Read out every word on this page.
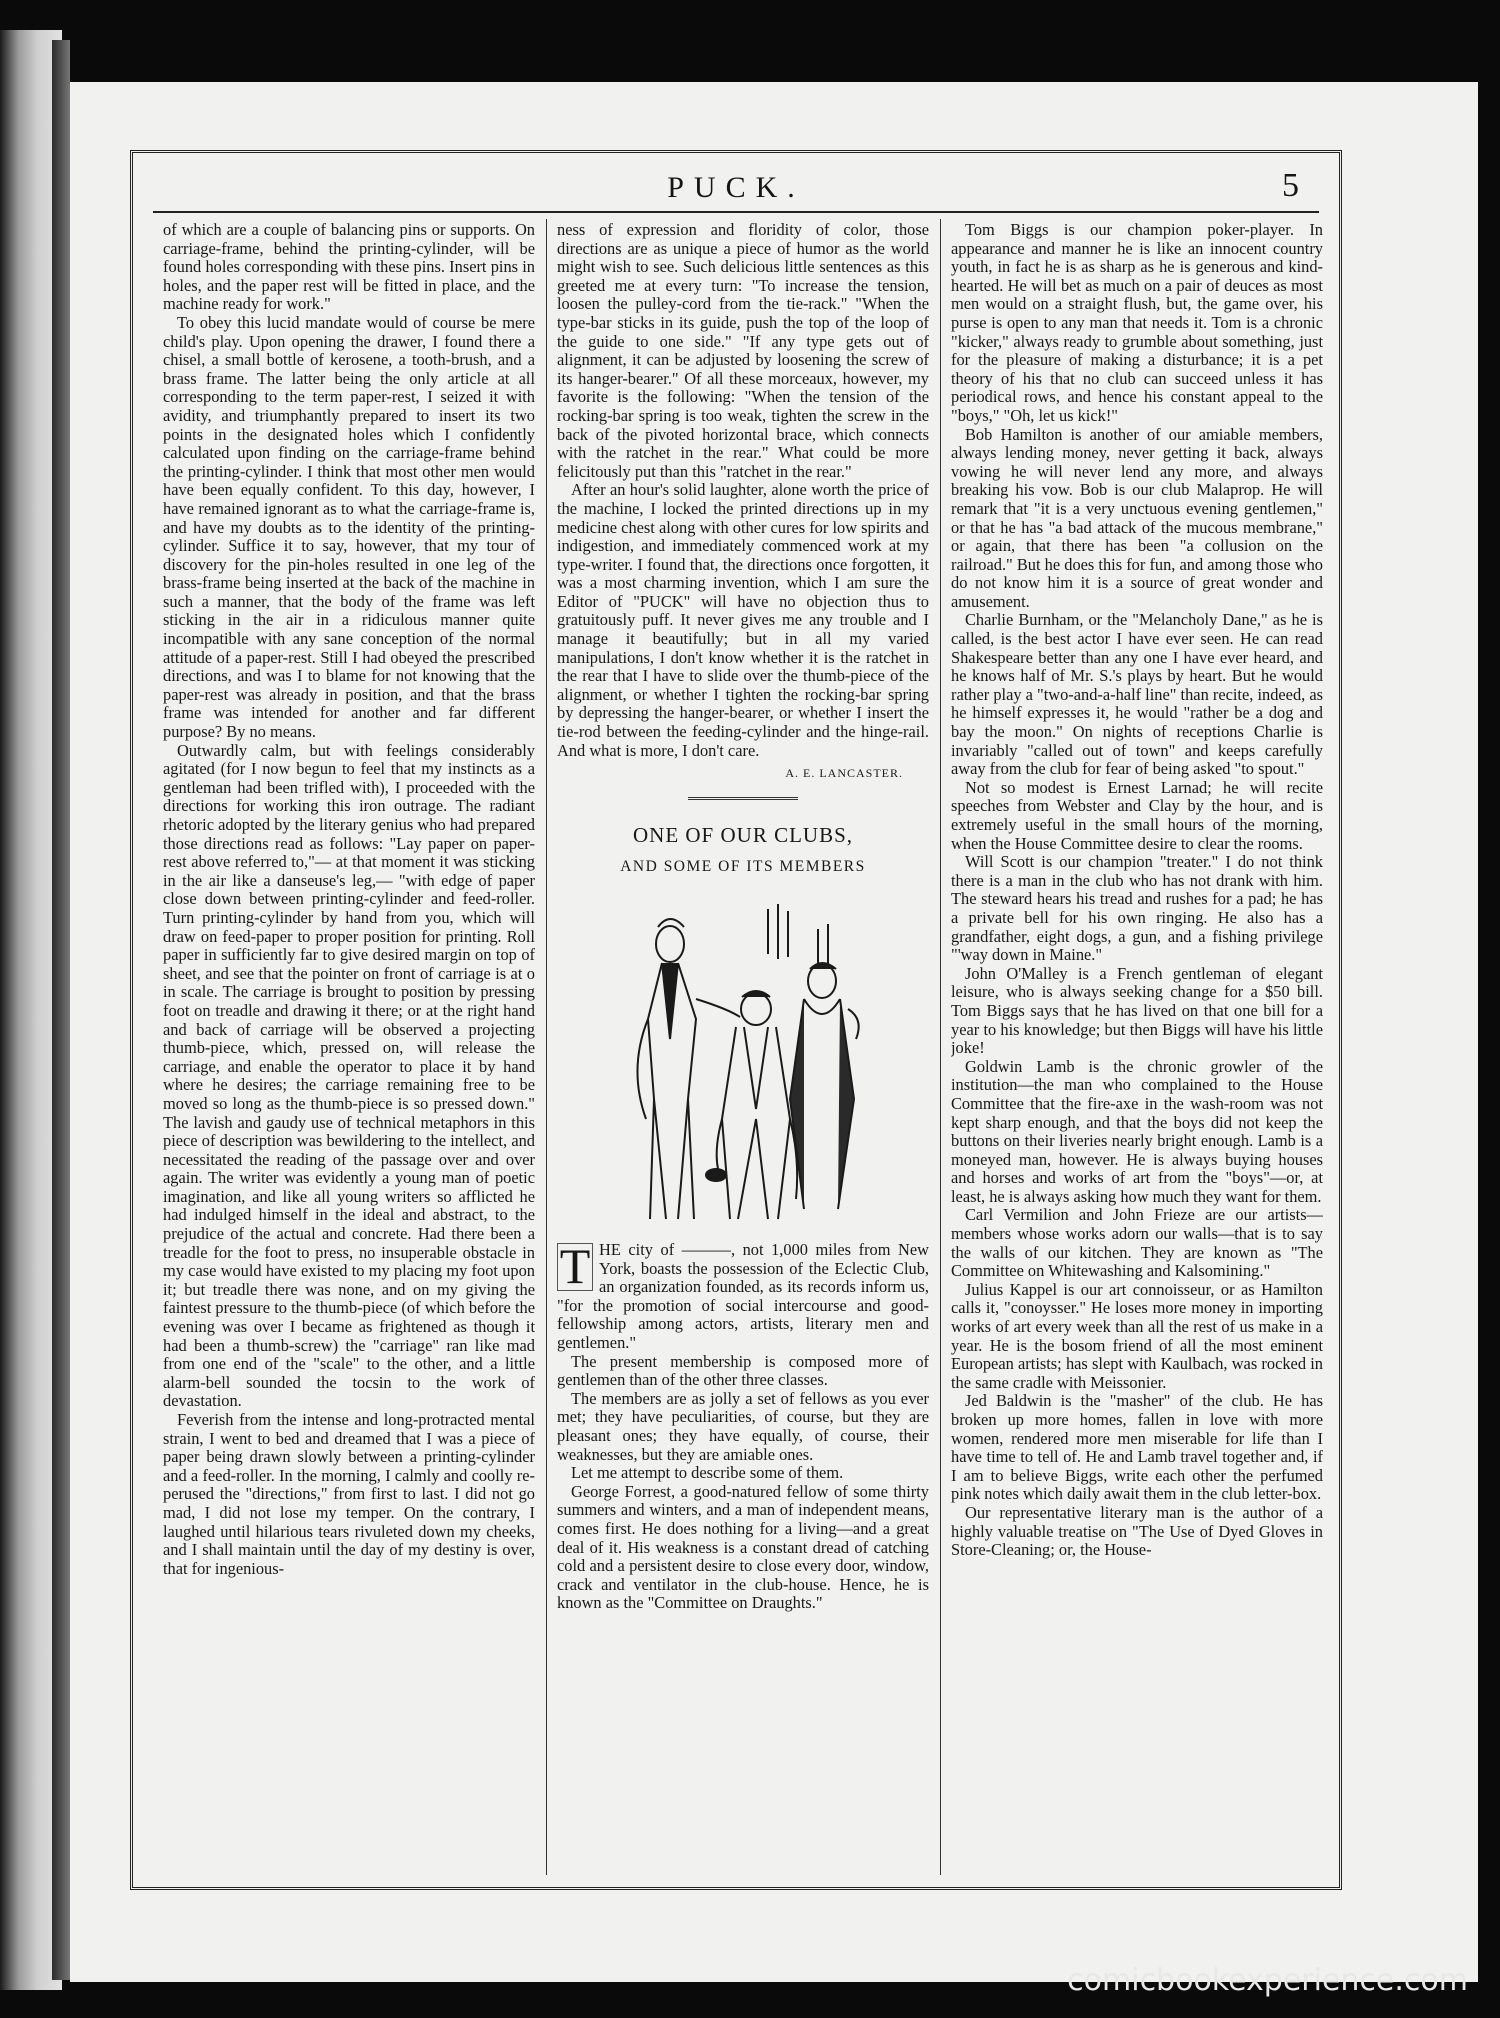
PUCK.	5

of which are a couple of balancing pins or supports. On carriage-frame, behind the printing-cylinder, will be found holes corresponding with these pins. Insert pins in holes, and the paper rest will be fitted in place, and the machine ready for work."

To obey this lucid mandate would of course be mere child's play. Upon opening the drawer, I found there a chisel, a small bottle of kerosene, a tooth-brush, and a brass frame. The latter being the only article at all corresponding to the term paper-rest, I seized it with avidity, and triumphantly prepared to insert its two points in the designated holes which I confidently calculated upon finding on the carriage-frame behind the printing-cylinder. I think that most other men would have been equally confident. To this day, however, I have remained ignorant as to what the carriage-frame is, and have my doubts as to the identity of the printing-cylinder. Suffice it to say, however, that my tour of discovery for the pin-holes resulted in one leg of the brass-frame being inserted at the back of the machine in such a manner, that the body of the frame was left sticking in the air in a ridiculous manner quite incompatible with any sane conception of the normal attitude of a paper-rest. Still I had obeyed the prescribed directions, and was I to blame for not knowing that the paper-rest was already in position, and that the brass frame was intended for another and far different purpose? By no means.

Outwardly calm, but with feelings considerably agitated (for I now begun to feel that my instincts as a gentleman had been trifled with), I proceeded with the directions for working this iron outrage. The radiant rhetoric adopted by the literary genius who had prepared those directions read as follows: "Lay paper on paper-rest above referred to,"— at that moment it was sticking in the air like a danseuse's leg,— "with edge of paper close down between printing-cylinder and feed-roller. Turn printing-cylinder by hand from you, which will draw on feed-paper to proper position for printing. Roll paper in sufficiently far to give desired margin on top of sheet, and see that the pointer on front of carriage is at o in scale. The carriage is brought to position by pressing foot on treadle and drawing it there; or at the right hand and back of carriage will be observed a projecting thumb-piece, which, pressed on, will release the carriage, and enable the operator to place it by hand where he desires; the carriage remaining free to be moved so long as the thumb-piece is so pressed down." The lavish and gaudy use of technical metaphors in this piece of description was bewildering to the intellect, and necessitated the reading of the passage over and over again. The writer was evidently a young man of poetic imagination, and like all young writers so afflicted he had indulged himself in the ideal and abstract, to the prejudice of the actual and concrete. Had there been a treadle for the foot to press, no insuperable obstacle in my case would have existed to my placing my foot upon it; but treadle there was none, and on my giving the faintest pressure to the thumb-piece (of which before the evening was over I became as frightened as though it had been a thumb-screw) the "carriage" ran like mad from one end of the "scale" to the other, and a little alarm-bell sounded the tocsin to the work of devastation.

Feverish from the intense and long-protracted mental strain, I went to bed and dreamed that I was a piece of paper being drawn slowly between a printing-cylinder and a feed-roller. In the morning, I calmly and coolly re-perused the "directions," from first to last. I did not go mad, I did not lose my temper. On the contrary, I laughed until hilarious tears rivuleted down my cheeks, and I shall maintain until the day of my destiny is over, that for ingenious-

ness of expression and floridity of color, those directions are as unique a piece of humor as the world might wish to see. Such delicious little sentences as this greeted me at every turn: "To increase the tension, loosen the pulley-cord from the tie-rack." "When the type-bar sticks in its guide, push the top of the loop of the guide to one side." "If any type gets out of alignment, it can be adjusted by loosening the screw of its hanger-bearer." Of all these morceaux, however, my favorite is the following: "When the tension of the rocking-bar spring is too weak, tighten the screw in the back of the pivoted horizontal brace, which connects with the ratchet in the rear." What could be more felicitously put than this "ratchet in the rear."

After an hour's solid laughter, alone worth the price of the machine, I locked the printed directions up in my medicine chest along with other cures for low spirits and indigestion, and immediately commenced work at my type-writer. I found that, the directions once forgotten, it was a most charming invention, which I am sure the Editor of "PUCK" will have no objection thus to gratuitously puff. It never gives me any trouble and I manage it beautifully; but in all my varied manipulations, I don't know whether it is the ratchet in the rear that I have to slide over the thumb-piece of the alignment, or whether I tighten the rocking-bar spring by depressing the hanger-bearer, or whether I insert the tie-rod between the feeding-cylinder and the hinge-rail. And what is more, I don't care.

A. E. LANCASTER.
ONE OF OUR CLUBS,
AND SOME OF ITS MEMBERS

T HE city of ———, not 1,000 miles from New York, boasts the possession of the Eclectic Club, an organization founded, as its records inform us, "for the promotion of social intercourse and good-fellowship among actors, artists, literary men and gentlemen."

The present membership is composed more of gentlemen than of the other three classes.

The members are as jolly a set of fellows as you ever met; they have peculiarities, of course, but they are pleasant ones; they have equally, of course, their weaknesses, but they are amiable ones.

Let me attempt to describe some of them.

George Forrest, a good-natured fellow of some thirty summers and winters, and a man of independent means, comes first. He does nothing for a living—and a great deal of it. His weakness is a constant dread of catching cold and a persistent desire to close every door, window, crack and ventilator in the club-house. Hence, he is known as the "Committee on Draughts."

Tom Biggs is our champion poker-player. In appearance and manner he is like an innocent country youth, in fact he is as sharp as he is generous and kind-hearted. He will bet as much on a pair of deuces as most men would on a straight flush, but, the game over, his purse is open to any man that needs it. Tom is a chronic "kicker," always ready to grumble about something, just for the pleasure of making a disturbance; it is a pet theory of his that no club can succeed unless it has periodical rows, and hence his constant appeal to the "boys," "Oh, let us kick!"

Bob Hamilton is another of our amiable members, always lending money, never getting it back, always vowing he will never lend any more, and always breaking his vow. Bob is our club Malaprop. He will remark that "it is a very unctuous evening gentlemen," or that he has "a bad attack of the mucous membrane," or again, that there has been "a collusion on the railroad." But he does this for fun, and among those who do not know him it is a source of great wonder and amusement.

Charlie Burnham, or the "Melancholy Dane," as he is called, is the best actor I have ever seen. He can read Shakespeare better than any one I have ever heard, and he knows half of Mr. S.'s plays by heart. But he would rather play a "two-and-a-half line" than recite, indeed, as he himself expresses it, he would "rather be a dog and bay the moon." On nights of receptions Charlie is invariably "called out of town" and keeps carefully away from the club for fear of being asked "to spout."

Not so modest is Ernest Larnad; he will recite speeches from Webster and Clay by the hour, and is extremely useful in the small hours of the morning, when the House Committee desire to clear the rooms.

Will Scott is our champion "treater." I do not think there is a man in the club who has not drank with him. The steward hears his tread and rushes for a pad; he has a private bell for his own ringing. He also has a grandfather, eight dogs, a gun, and a fishing privilege "'way down in Maine."

John O'Malley is a French gentleman of elegant leisure, who is always seeking change for a $50 bill. Tom Biggs says that he has lived on that one bill for a year to his knowledge; but then Biggs will have his little joke!

Goldwin Lamb is the chronic growler of the institution—the man who complained to the House Committee that the fire-axe in the wash-room was not kept sharp enough, and that the boys did not keep the buttons on their liveries nearly bright enough. Lamb is a moneyed man, however. He is always buying houses and horses and works of art from the "boys"—or, at least, he is always asking how much they want for them.

Carl Vermilion and John Frieze are our artists—members whose works adorn our walls—that is to say the walls of our kitchen. They are known as "The Committee on Whitewashing and Kalsomining."

Julius Kappel is our art connoisseur, or as Hamilton calls it, "conoysser." He loses more money in importing works of art every week than all the rest of us make in a year. He is the bosom friend of all the most eminent European artists; has slept with Kaulbach, was rocked in the same cradle with Meissonier.

Jed Baldwin is the "masher" of the club. He has broken up more homes, fallen in love with more women, rendered more men miserable for life than I have time to tell of. He and Lamb travel together and, if I am to believe Biggs, write each other the perfumed pink notes which daily await them in the club letter-box.

Our representative literary man is the author of a highly valuable treatise on "The Use of Dyed Gloves in Store-Cleaning; or, the House-

comicbookexperience.com
